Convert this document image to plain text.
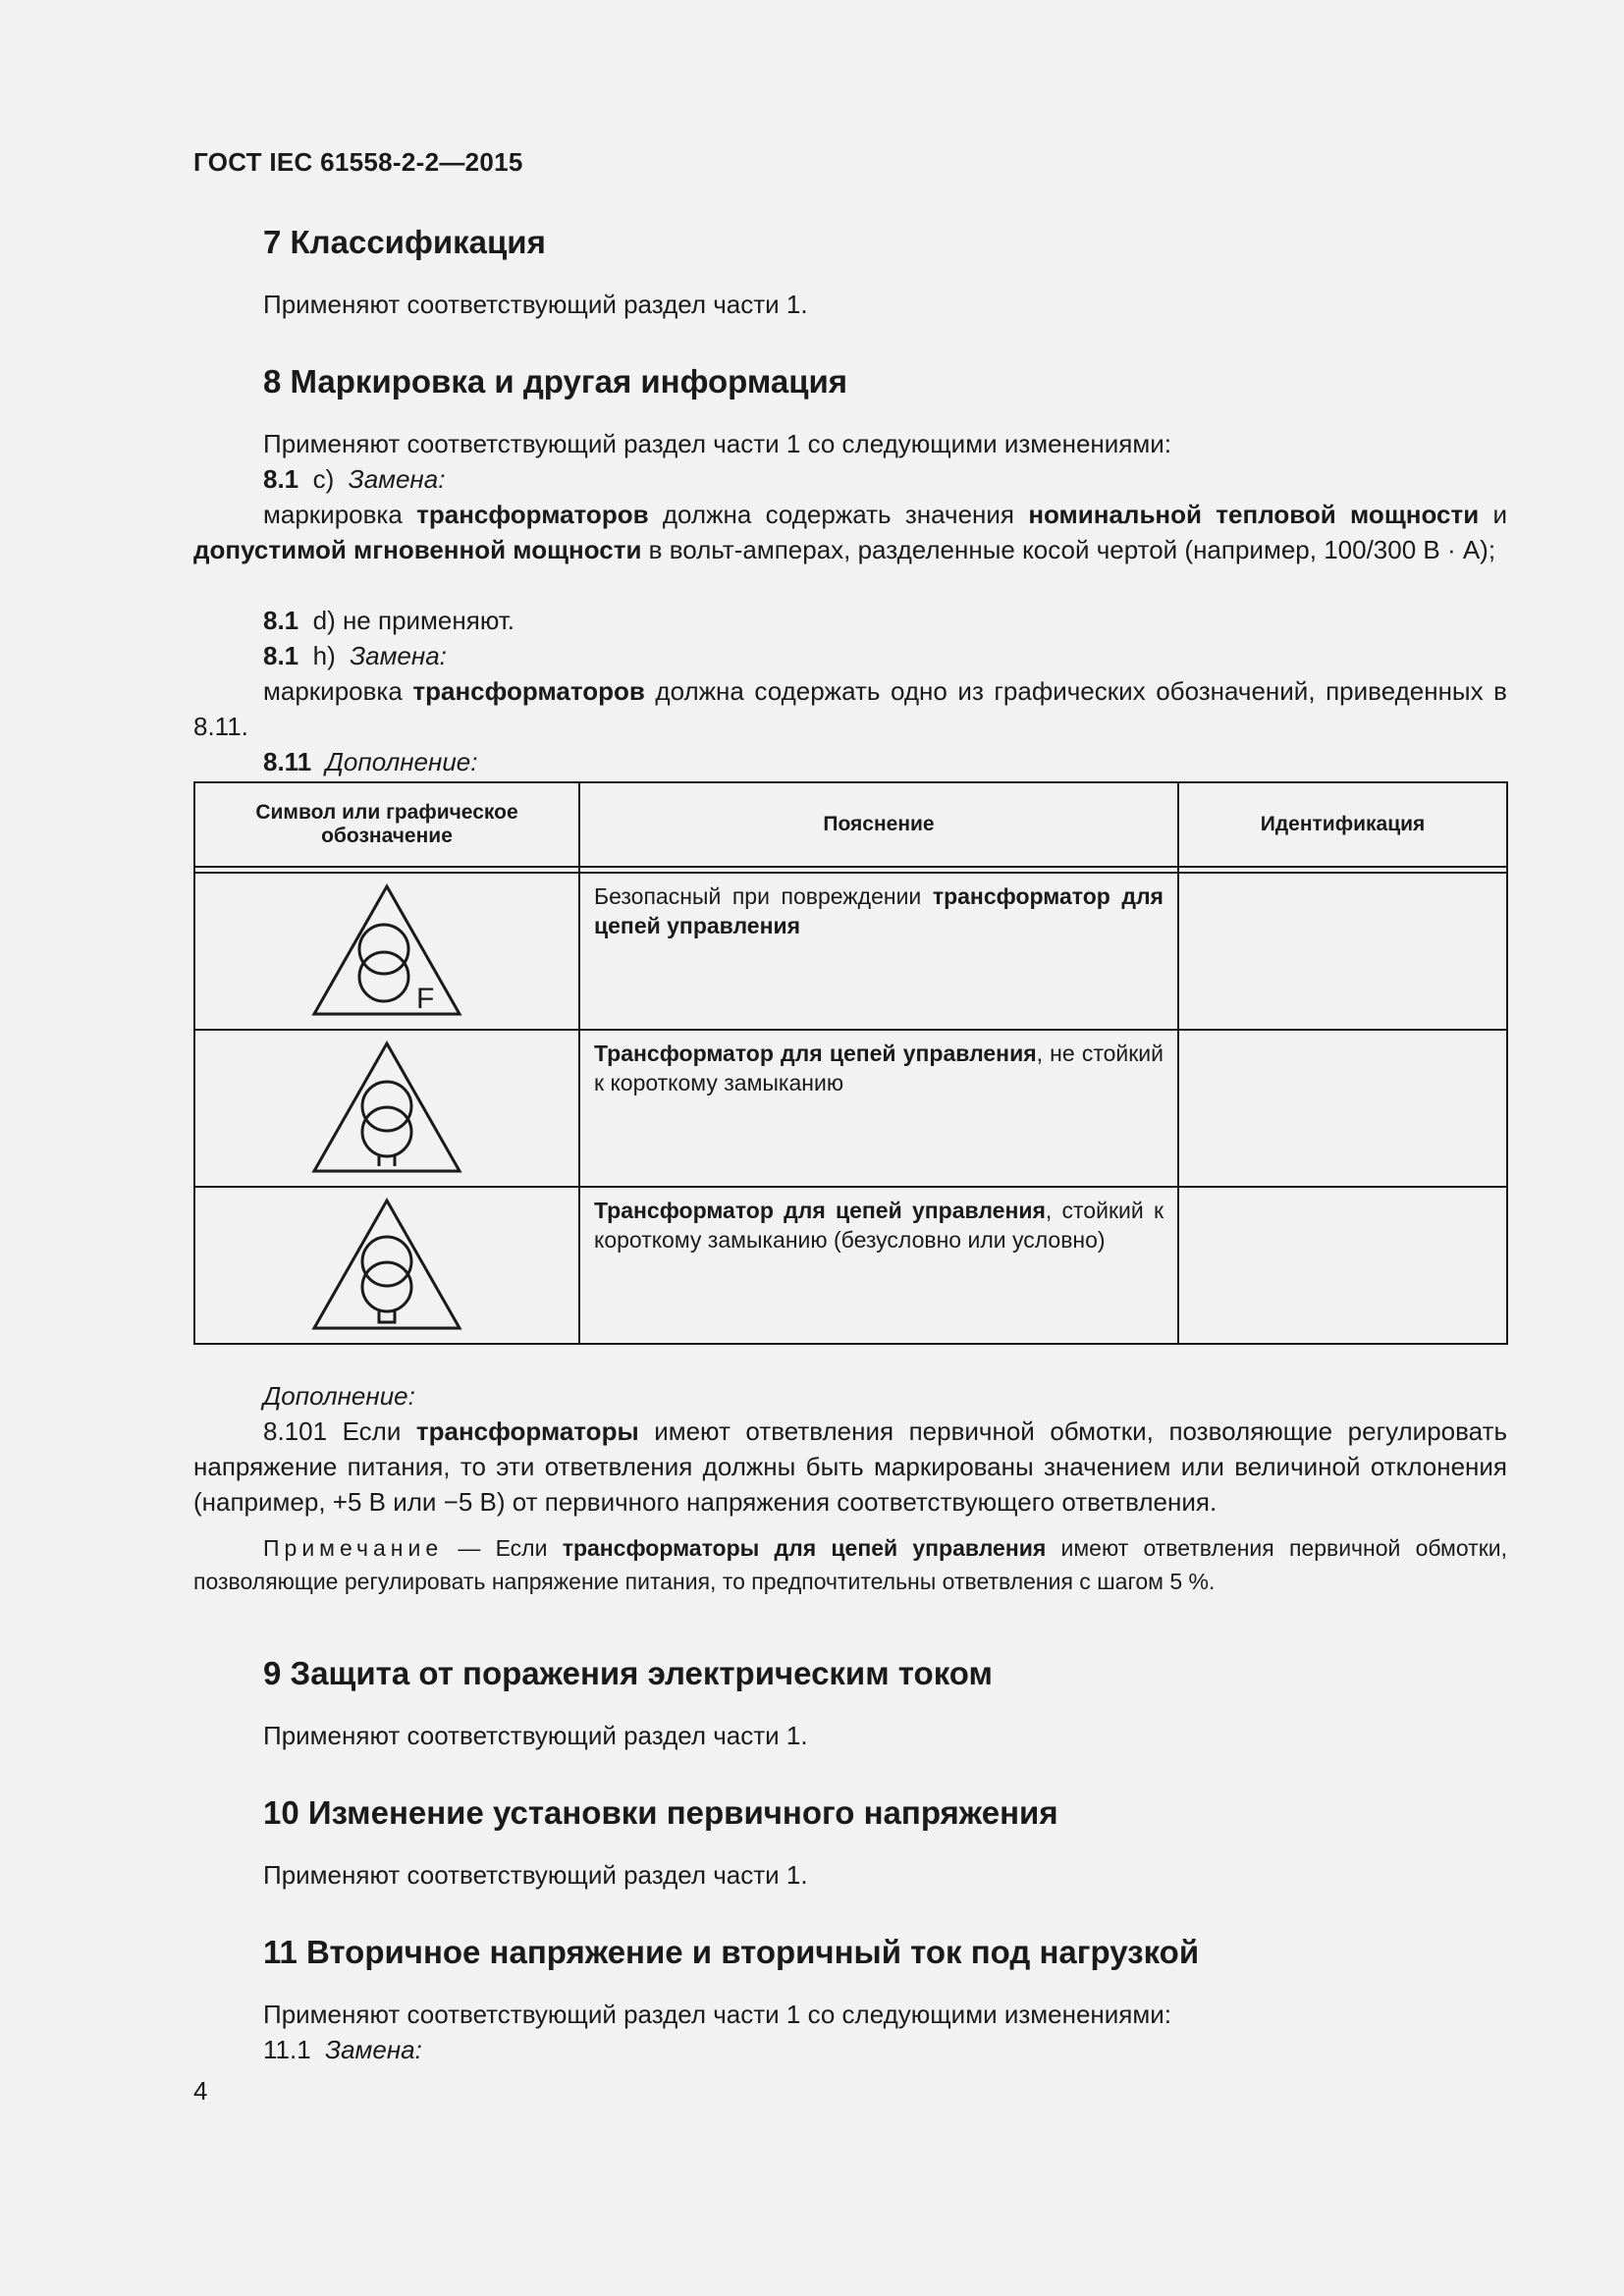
ГОСТ IEC 61558-2-2—2015
7 Классификация
Применяют соответствующий раздел части 1.
8 Маркировка и другая информация
Применяют соответствующий раздел части 1 со следующими изменениями:
8.1 c) Замена:
маркировка трансформаторов должна содержать значения номинальной тепловой мощности и допустимой мгновенной мощности в вольт-амперах, разделенные косой чертой (например, 100/300 В · А);
8.1 d) не применяют.
8.1 h) Замена:
маркировка трансформаторов должна содержать одно из графических обозначений, приведенных в 8.11.
8.11 Дополнение:
Символ или графическое обозначение	Пояснение	Идентификация

F	Безопасный при повреждении трансформатор для цепей управления	

	Трансформатор для цепей управления, не стойкий к короткому замыканию	

	Трансформатор для цепей управления, стойкий к короткому замыканию (безусловно или условно)	
Дополнение:
8.101 Если трансформаторы имеют ответвления первичной обмотки, позволяющие регулировать напряжение питания, то эти ответвления должны быть маркированы значением или величиной отклонения (например, +5 В или −5 В) от первичного напряжения соответствующего ответвления.
Примечание — Если трансформаторы для цепей управления имеют ответвления первичной обмотки, позволяющие регулировать напряжение питания, то предпочтительны ответвления с шагом 5 %.
9 Защита от поражения электрическим током
Применяют соответствующий раздел части 1.
10 Изменение установки первичного напряжения
Применяют соответствующий раздел части 1.
11 Вторичное напряжение и вторичный ток под нагрузкой
Применяют соответствующий раздел части 1 со следующими изменениями:
11.1 Замена:
4
